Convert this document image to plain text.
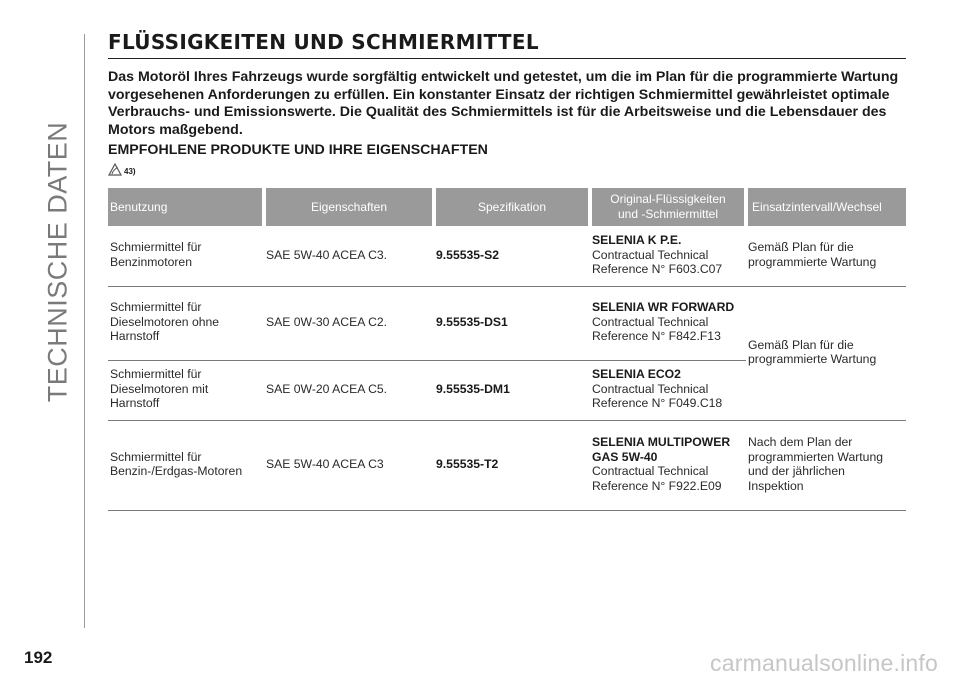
TECHNISCHE DATEN
FLÜSSIGKEITEN UND SCHMIERMITTEL

Das Motoröl Ihres Fahrzeugs wurde sorgfältig entwickelt und getestet, um die im Plan für die programmierte Wartung vorgesehenen Anforderungen zu erfüllen. Ein konstanter Einsatz der richtigen Schmiermittel gewährleistet optimale Verbrauchs- und Emissionswerte. Die Qualität des Schmiermittels ist für die Arbeitsweise und die Lebensdauer des Motors maßgebend.

EMPFOHLENE PRODUKTE UND IHRE EIGENSCHAFTEN
43)
Benutzung	Eigenschaften	Spezifikation	Original-Flüssigkeiten
und -Schmiermittel	Einsatzintervall/Wechsel
Schmiermittel für Benzinmotoren	SAE 5W-40 ACEA C3.	9.55535-S2	SELENIA K P.E.
Contractual Technical
Reference N° F603.C07	Gemäß Plan für die programmierte Wartung
Schmiermittel für Dieselmotoren ohne Harnstoff	SAE 0W-30 ACEA C2.	9.55535-DS1	SELENIA WR FORWARD
Contractual Technical
Reference N° F842.F13	Gemäß Plan für die programmierte Wartung
Schmiermittel für Dieselmotoren mit Harnstoff	SAE 0W-20 ACEA C5.	9.55535-DM1	SELENIA ECO2
Contractual Technical
Reference N° F049.C18	

Schmiermittel für Benzin-/Erdgas-Motoren	SAE 5W-40 ACEA C3	9.55535-T2	SELENIA MULTIPOWER GAS 5W-40
Contractual Technical
Reference N° F922.E09	Nach dem Plan der programmierten Wartung und der jährlichen Inspektion
192	carmanualsonline.info
